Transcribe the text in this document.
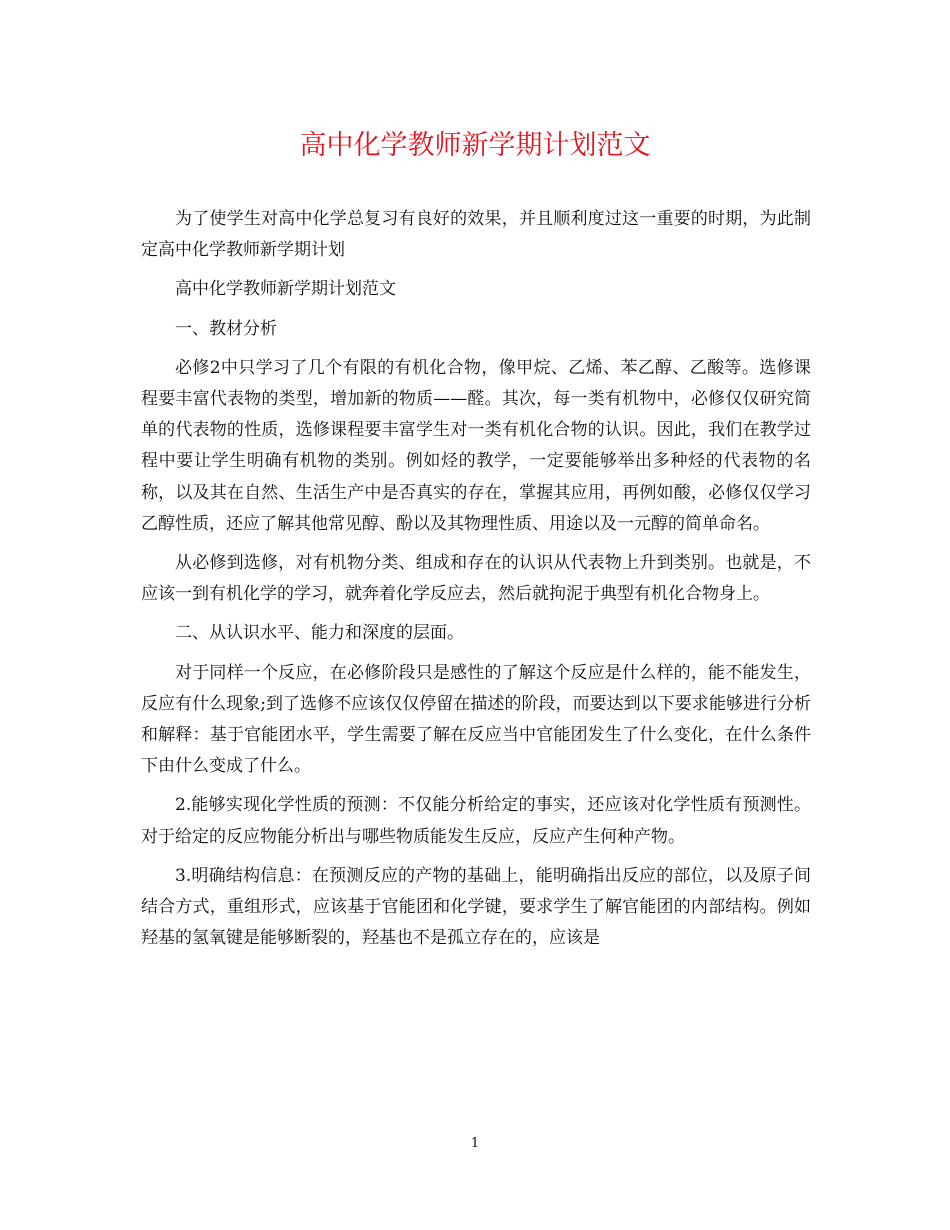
高中化学教师新学期计划范文

为了使学生对高中化学总复习有良好的效果，并且顺利度过这一重要的时期，为此制定高中化学教师新学期计划

高中化学教师新学期计划范文

一、教材分析

必修2中只学习了几个有限的有机化合物，像甲烷、乙烯、苯乙醇、乙酸等。选修课程要丰富代表物的类型，增加新的物质——醛。其次，每一类有机物中，必修仅仅研究简单的代表物的性质，选修课程要丰富学生对一类有机化合物的认识。因此，我们在教学过程中要让学生明确有机物的类别。例如烃的教学，一定要能够举出多种烃的代表物的名称，以及其在自然、生活生产中是否真实的存在，掌握其应用，再例如酸，必修仅仅学习乙醇性质，还应了解其他常见醇、酚以及其物理性质、用途以及一元醇的简单命名。

从必修到选修，对有机物分类、组成和存在的认识从代表物上升到类别。也就是，不应该一到有机化学的学习，就奔着化学反应去，然后就拘泥于典型有机化合物身上。

二、从认识水平、能力和深度的层面。

对于同样一个反应，在必修阶段只是感性的了解这个反应是什么样的，能不能发生，反应有什么现象;到了选修不应该仅仅停留在描述的阶段，而要达到以下要求能够进行分析和解释：基于官能团水平，学生需要了解在反应当中官能团发生了什么变化，在什么条件下由什么变成了什么。

2.能够实现化学性质的预测：不仅能分析给定的事实，还应该对化学性质有预测性。对于给定的反应物能分析出与哪些物质能发生反应，反应产生何种产物。

3.明确结构信息：在预测反应的产物的基础上，能明确指出反应的部位，以及原子间结合方式，重组形式，应该基于官能团和化学键，要求学生了解官能团的内部结构。例如羟基的氢氧键是能够断裂的，羟基也不是孤立存在的，应该是

1
